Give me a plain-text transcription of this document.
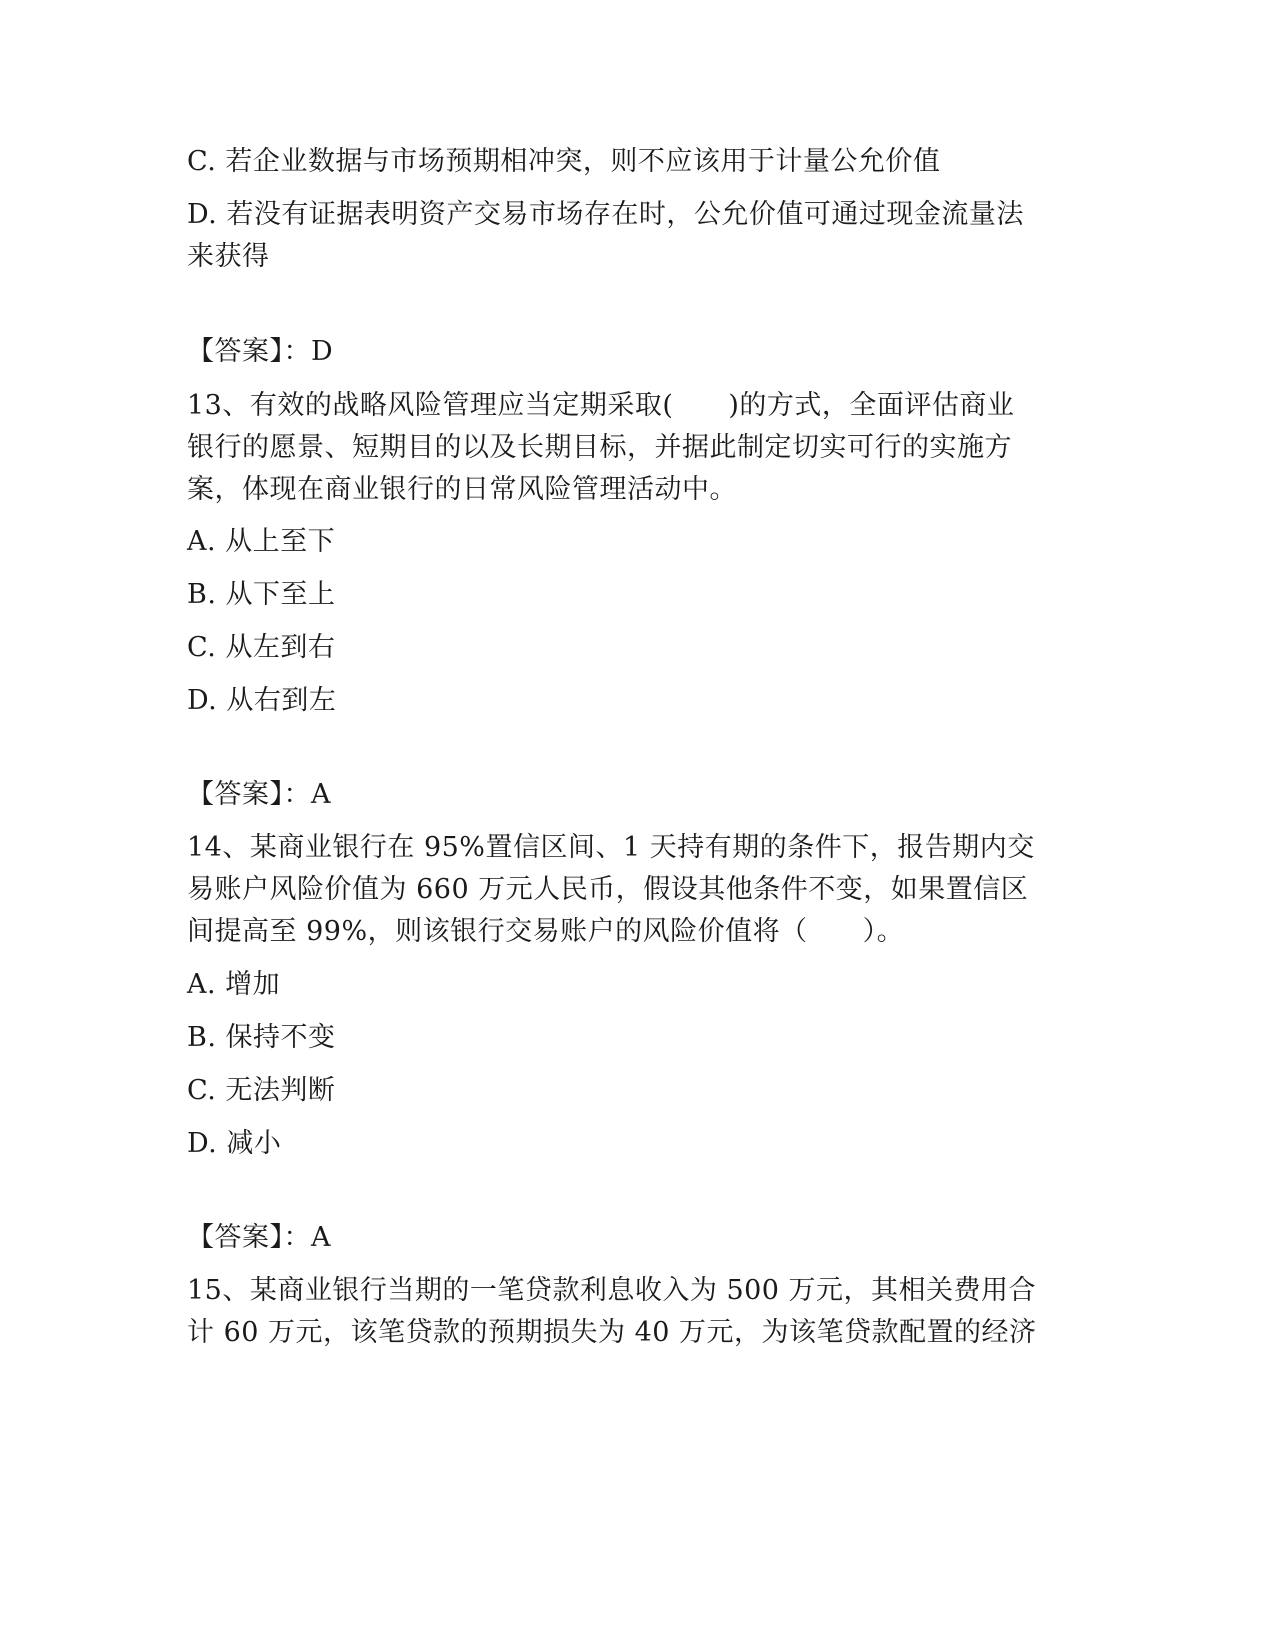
C. 若企业数据与市场预期相冲突，则不应该用于计量公允价值
D. 若没有证据表明资产交易市场存在时，公允价值可通过现金流量法
来获得
【答案】：D
13、有效的战略风险管理应当定期采取(　　)的方式，全面评估商业
银行的愿景、短期目的以及长期目标，并据此制定切实可行的实施方
案，体现在商业银行的日常风险管理活动中。
A. 从上至下
B. 从下至上
C. 从左到右
D. 从右到左
【答案】：A
14、某商业银行在 95%置信区间、1 天持有期的条件下，报告期内交
易账户风险价值为 660 万元人民币，假设其他条件不变，如果置信区
间提高至 99%，则该银行交易账户的风险价值将（　　）。
A. 增加
B. 保持不变
C. 无法判断
D. 减小
【答案】：A
15、某商业银行当期的一笔贷款利息收入为 500 万元，其相关费用合
计 60 万元，该笔贷款的预期损失为 40 万元，为该笔贷款配置的经济
